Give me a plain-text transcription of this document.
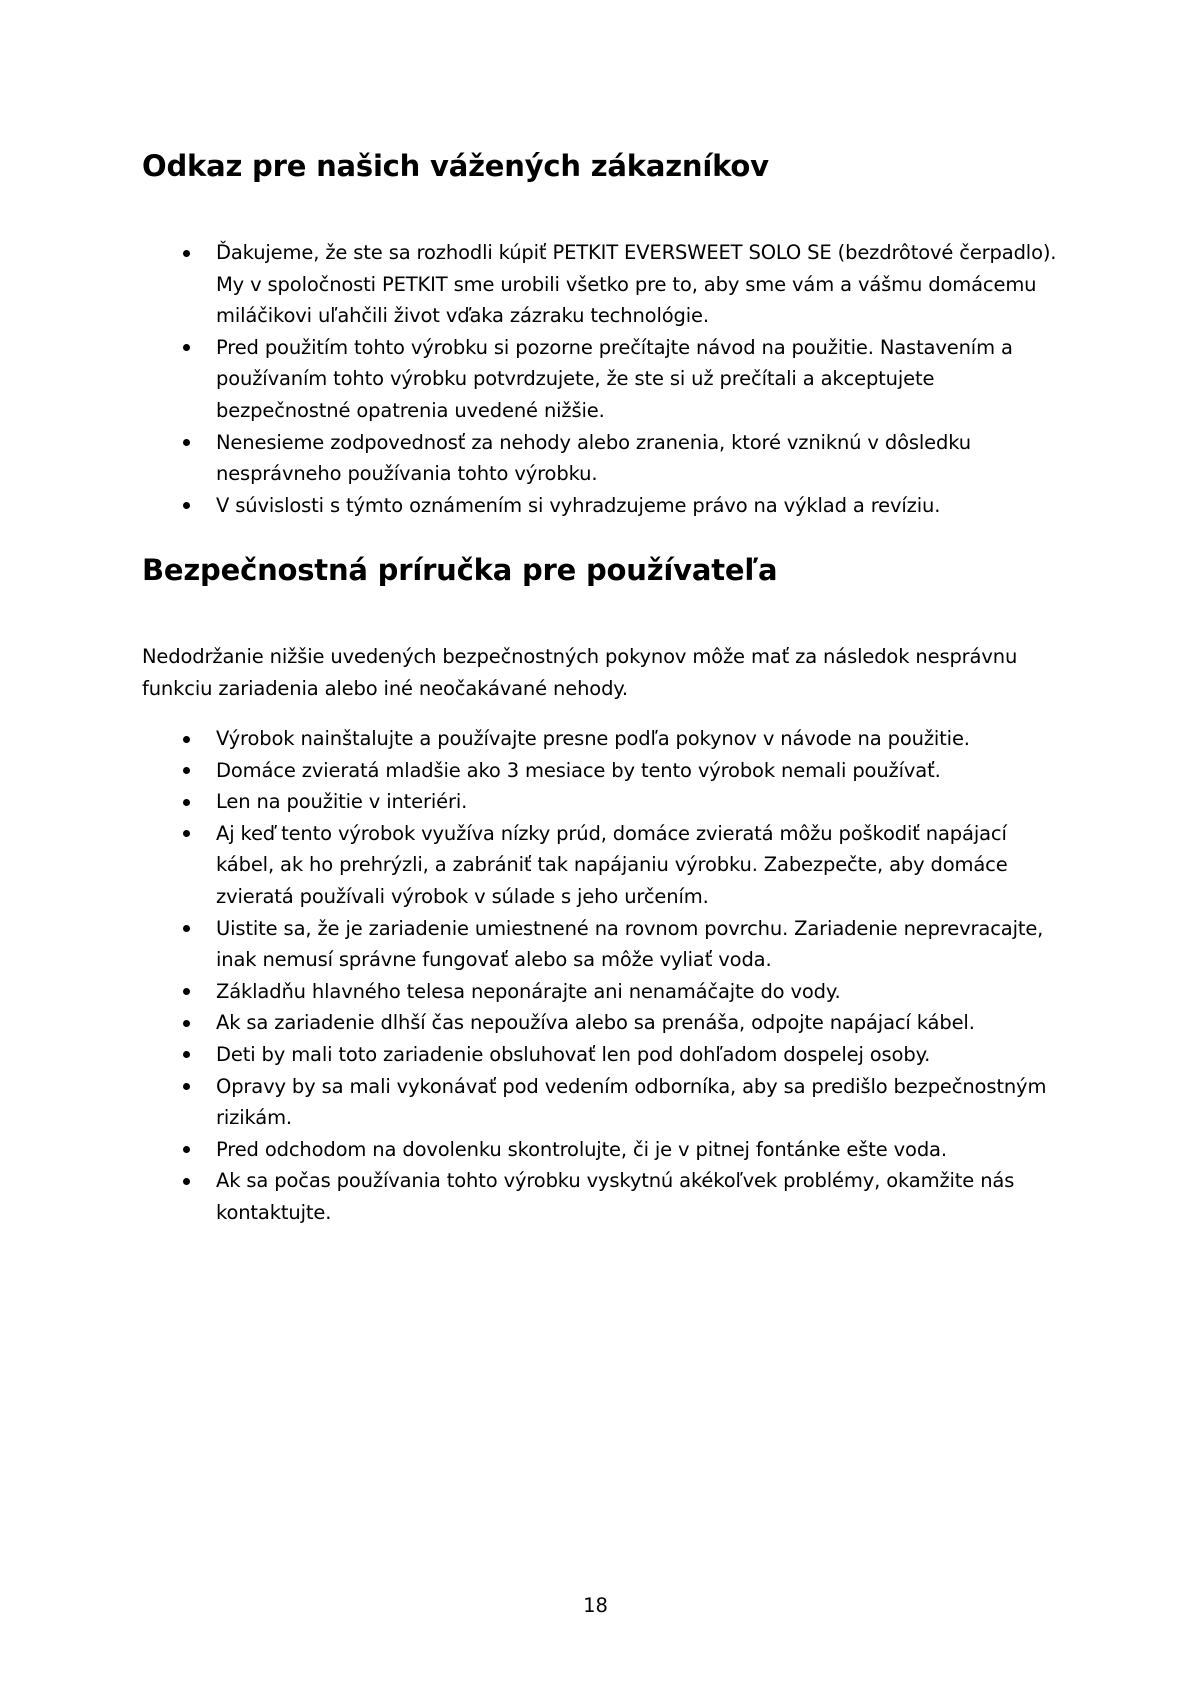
Odkaz pre našich vážených zákazníkov
Ďakujeme, že ste sa rozhodli kúpiť PETKIT EVERSWEET SOLO SE (bezdrôtové čerpadlo). My v spoločnosti PETKIT sme urobili všetko pre to, aby sme vám a vášmu domácemu miláčikovi uľahčili život vďaka zázraku technológie.
Pred použitím tohto výrobku si pozorne prečítajte návod na použitie. Nastavením a používaním tohto výrobku potvrdzujete, že ste si už prečítali a akceptujete bezpečnostné opatrenia uvedené nižšie.
Nenesieme zodpovednosť za nehody alebo zranenia, ktoré vzniknú v dôsledku nesprávneho používania tohto výrobku.
V súvislosti s týmto oznámením si vyhradzujeme právo na výklad a revíziu.
Bezpečnostná príručka pre používateľa

Nedodržanie nižšie uvedených bezpečnostných pokynov môže mať za následok nesprávnu funkciu zariadenia alebo iné neočakávané nehody.

Výrobok nainštalujte a používajte presne podľa pokynov v návode na použitie.
Domáce zvieratá mladšie ako 3 mesiace by tento výrobok nemali používať.
Len na použitie v interiéri.
Aj keď tento výrobok využíva nízky prúd, domáce zvieratá môžu poškodiť napájací kábel, ak ho prehrýzli, a zabrániť tak napájaniu výrobku. Zabezpečte, aby domáce zvieratá používali výrobok v súlade s jeho určením.
Uistite sa, že je zariadenie umiestnené na rovnom povrchu. Zariadenie neprevracajte, inak nemusí správne fungovať alebo sa môže vyliať voda.
Základňu hlavného telesa neponárajte ani nenamáčajte do vody.
Ak sa zariadenie dlhší čas nepoužíva alebo sa prenáša, odpojte napájací kábel.
Deti by mali toto zariadenie obsluhovať len pod dohľadom dospelej osoby.
Opravy by sa mali vykonávať pod vedením odborníka, aby sa predišlo bezpečnostným rizikám.
Pred odchodom na dovolenku skontrolujte, či je v pitnej fontánke ešte voda.
Ak sa počas používania tohto výrobku vyskytnú akékoľvek problémy, okamžite nás kontaktujte.
18
